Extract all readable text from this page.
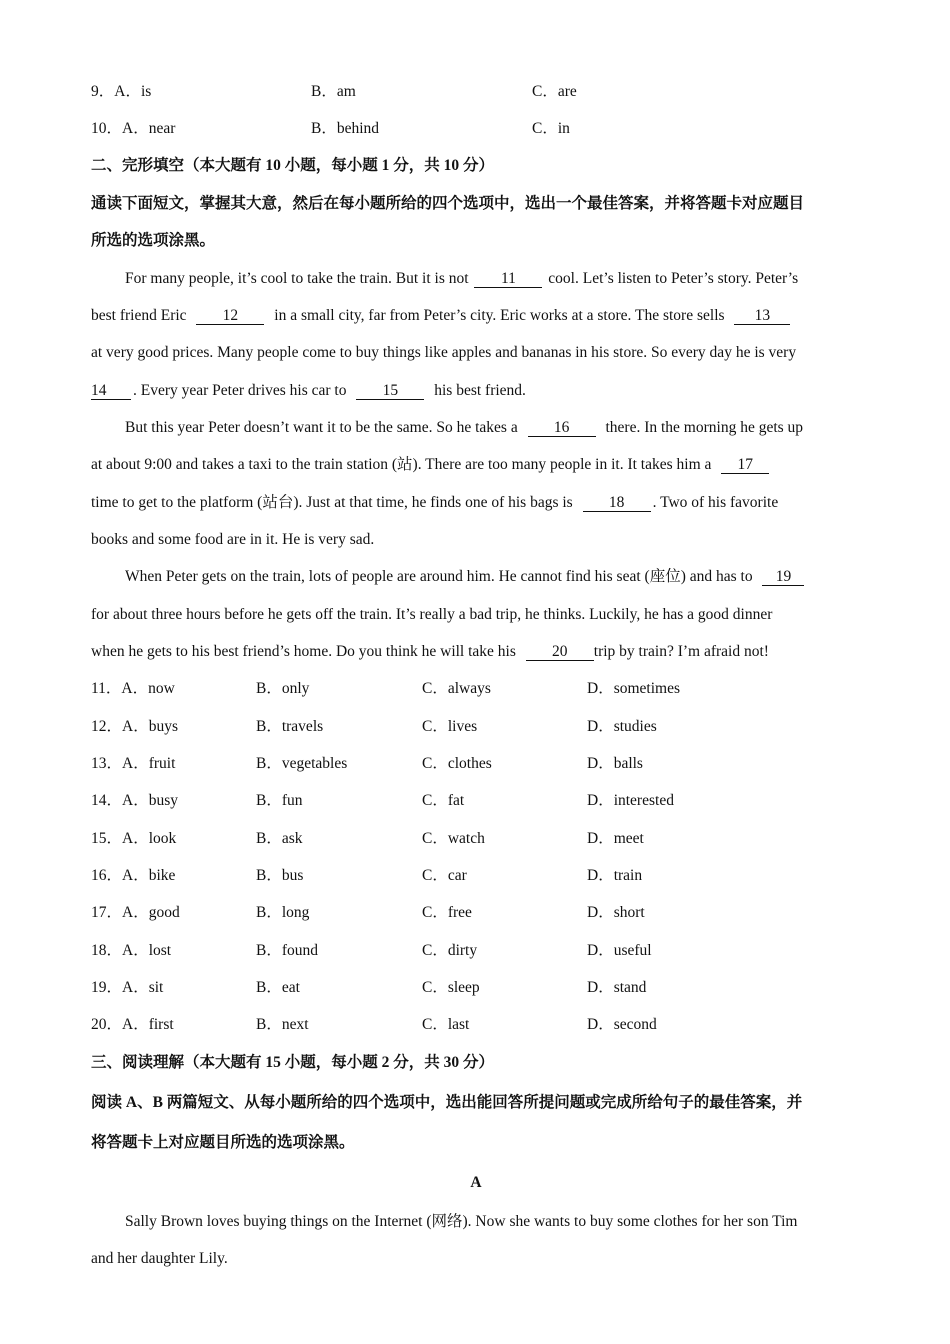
9．A．is	B．am	C．are
10．A．near	B．behind	C．in
二、完形填空（本大题有 10 小题，每小题 1 分，共 10 分）
通读下面短文，掌握其大意，然后在每小题所给的四个选项中，选出一个最佳答案，并将答题卡对应题目
所选的选项涂黑。
For many people, it’s cool to take the train. But it is not 11 cool. Let’s listen to Peter’s story. Peter’s
best friend Eric 12 in a small city, far from Peter’s city. Eric works at a store. The store sells 13
at very good prices. Many people come to buy things like apples and bananas in his store. So every day he is very
14 . Every year Peter drives his car to 15 his best friend.
But this year Peter doesn’t want it to be the same. So he takes a 16 there. In the morning he gets up
at about 9:00 and takes a taxi to the train station (站). There are too many people in it. It takes him a 17
time to get to the platform (站台). Just at that time, he finds one of his bags is 18 . Two of his favorite
books and some food are in it. He is very sad.
When Peter gets on the train, lots of people are around him. He cannot find his seat (座位) and has to 19
for about three hours before he gets off the train. It’s really a bad trip, he thinks. Luckily, he has a good dinner
when he gets to his best friend’s home. Do you think he will take his 20 trip by train? I’m afraid not!
11．A．now	B．only	C．always	D．sometimes
12．A．buys	B．travels	C．lives	D．studies
13．A．fruit	B．vegetables	C．clothes	D．balls
14．A．busy	B．fun	C．fat	D．interested
15．A．look	B．ask	C．watch	D．meet
16．A．bike	B．bus	C．car	D．train
17．A．good	B．long	C．free	D．short
18．A．lost	B．found	C．dirty	D．useful
19．A．sit	B．eat	C．sleep	D．stand
20．A．first	B．next	C．last	D．second
三、阅读理解（本大题有 15 小题，每小题 2 分，共 30 分）
阅读 A、B 两篇短文、从每小题所给的四个选项中，选出能回答所提问题或完成所给句子的最佳答案，并
将答题卡上对应题目所选的选项涂黑。
A
Sally Brown loves buying things on the Internet (网络). Now she wants to buy some clothes for her son Tim
and her daughter Lily.
